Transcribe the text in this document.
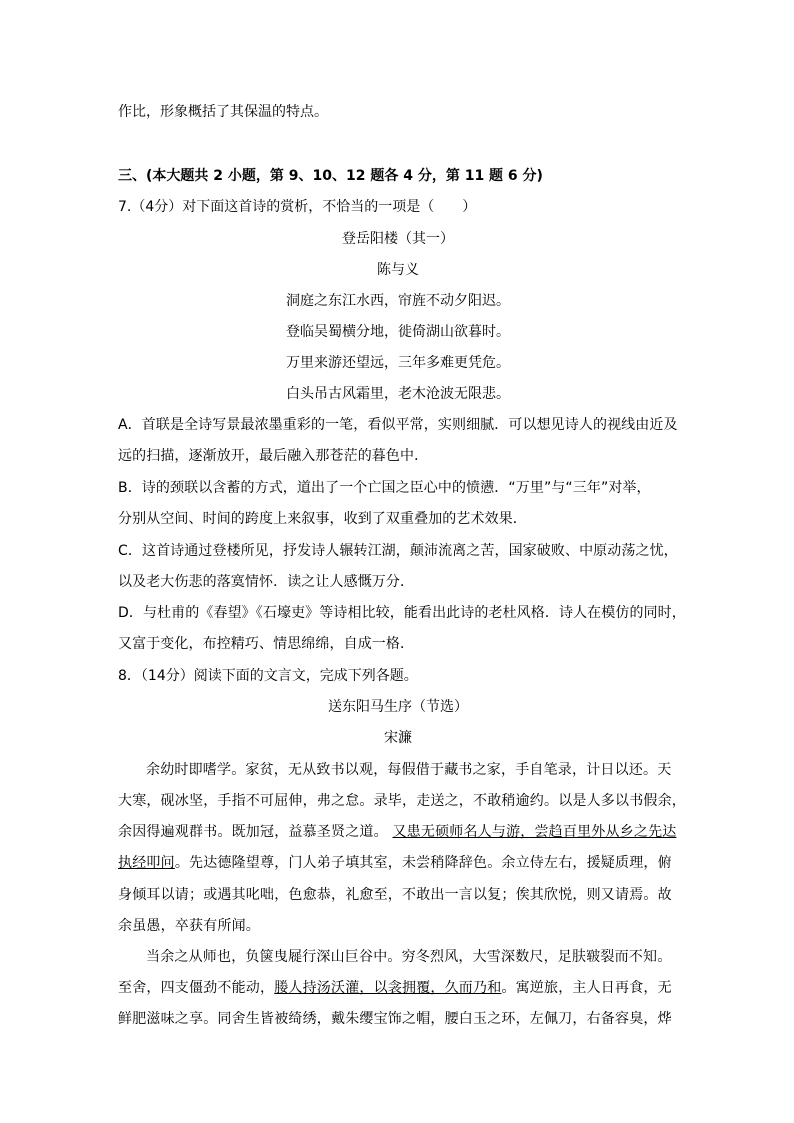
作比，形象概括了其保温的特点。
三、(本大题共 2 小题，第 9、10、12 题各 4 分，第 11 题 6 分)
7.（4分）对下面这首诗的赏析，不恰当的一项是（　　）
登岳阳楼（其一）
陈与义
洞庭之东江水西，帘旌不动夕阳迟。
登临吴蜀横分地，徙倚湖山欲暮时。
万里来游还望远，三年多难更凭危。
白头吊古风霜里，老木沧波无限悲。
A．首联是全诗写景最浓墨重彩的一笔，看似平常，实则细腻．可以想见诗人的视线由近及
远的扫描，逐渐放开，最后融入那苍茫的暮色中．
B．诗的颈联以含蓄的方式，道出了一个亡国之臣心中的愤懑．“万里”与“三年”对举，
分别从空间、时间的跨度上来叙事，收到了双重叠加的艺术效果．
C．这首诗通过登楼所见，抒发诗人辗转江湖，颠沛流离之苦，国家破败、中原动荡之忧，
以及老大伤悲的落寞情怀．读之让人感慨万分．
D．与杜甫的《春望》《石壕吏》等诗相比较，能看出此诗的老杜风格．诗人在模仿的同时，
又富于变化，布控精巧、情思绵绵，自成一格．
8．（14分）阅读下面的文言文，完成下列各题。
送东阳马生序（节选）
宋濂
余幼时即嗜学。家贫，无从致书以观，每假借于藏书之家，手自笔录，计日以还。天
大寒，砚冰坚，手指不可屈伸，弗之怠。录毕，走送之，不敢稍逾约。以是人多以书假余，
余因得遍观群书。既加冠，益慕圣贤之道。 又患无硕师名人与游，尝趋百里外从乡之先达
执经叩问。先达德隆望尊，门人弟子填其室，未尝稍降辞色。余立侍左右，援疑质理，俯
身倾耳以请；或遇其叱咄，色愈恭，礼愈至，不敢出一言以复；俟其欣悦，则又请焉。故
余虽愚，卒获有所闻。
当余之从师也，负箧曳屣行深山巨谷中。穷冬烈风，大雪深数尺，足肤皲裂而不知。
至舍，四支僵劲不能动，媵人持汤沃灌，以衾拥覆，久而乃和。寓逆旅，主人日再食，无
鲜肥滋味之享。同舍生皆被绮绣，戴朱缨宝饰之帽，腰白玉之环，左佩刀，右备容臭，烨
